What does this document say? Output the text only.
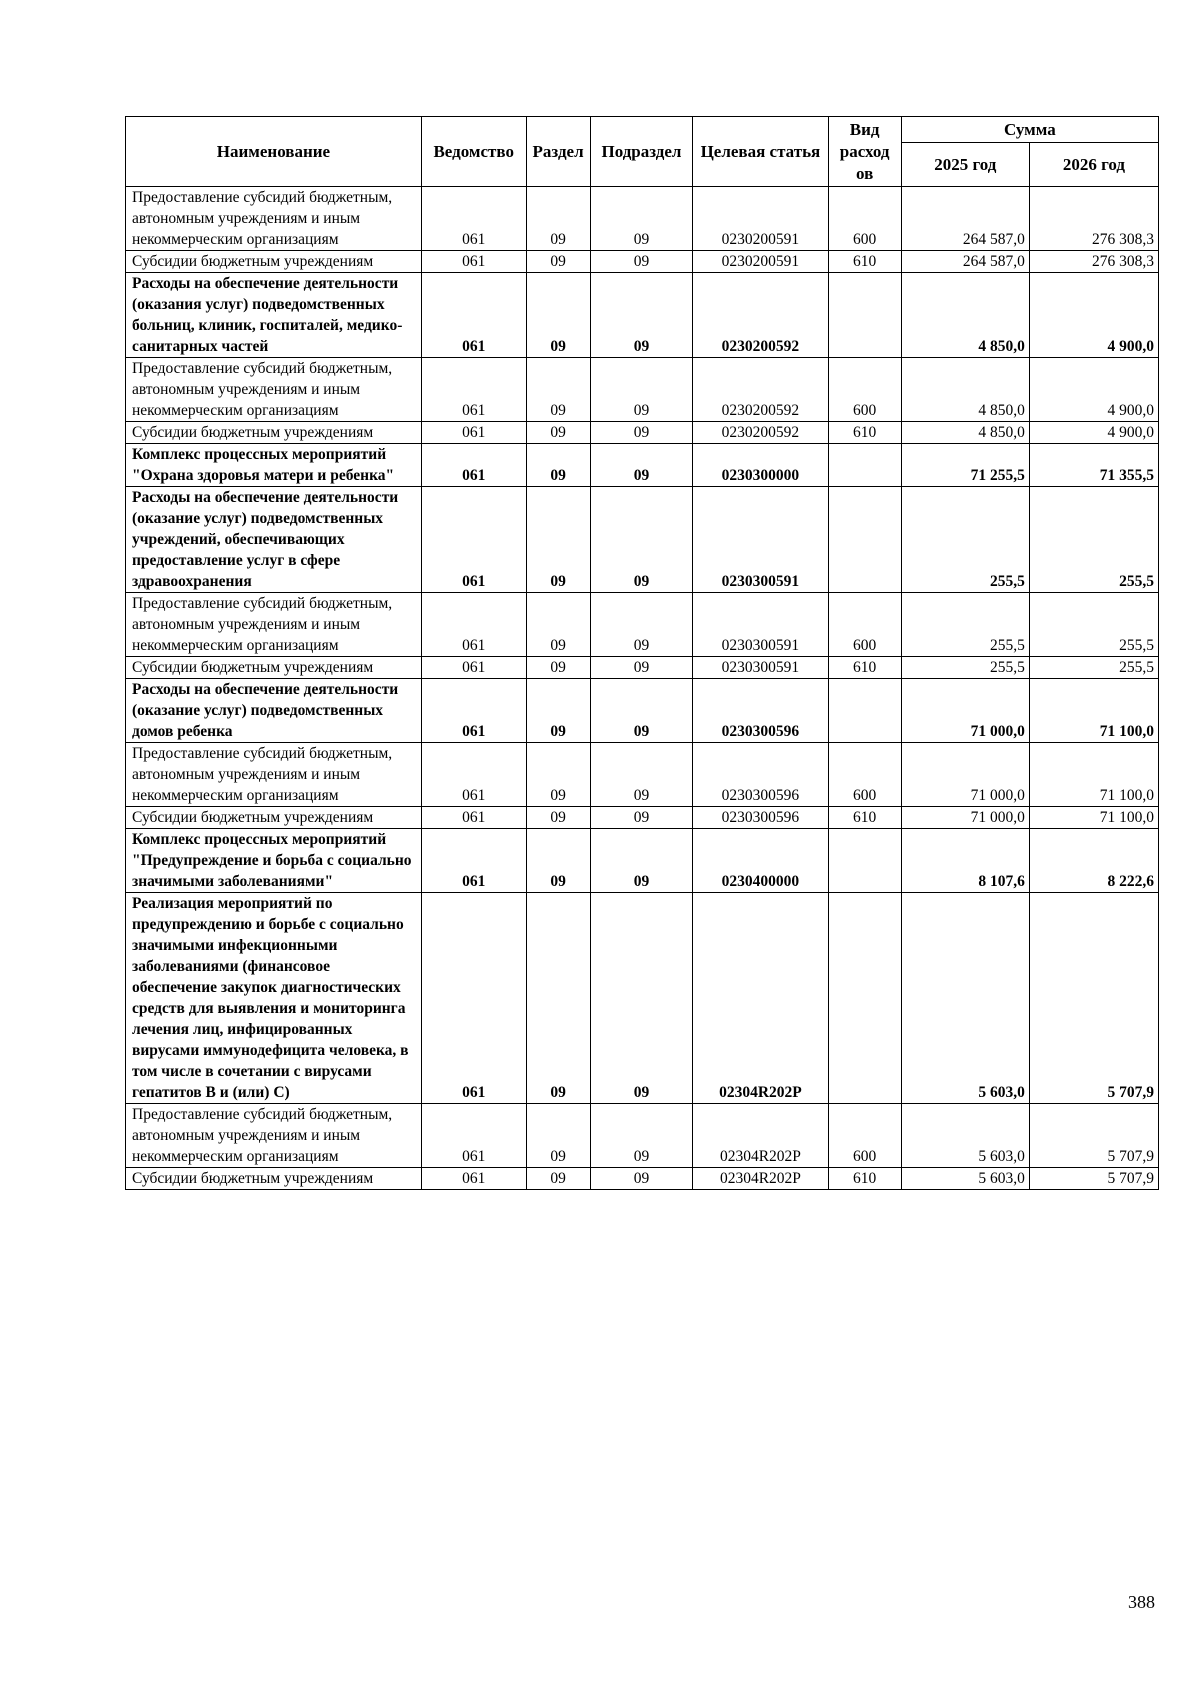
Наименование	Ведомство	Раздел	Подраздел	Целевая статья	Вид расход ов	Сумма	
						2025 год	2026 год
Предоставление субсидий бюджетным, автономным учреждениям и иным некоммерческим организациям	061	09	09	0230200591	600	264 587,0	276 308,3
Субсидии бюджетным учреждениям	061	09	09	0230200591	610	264 587,0	276 308,3
Расходы на обеспечение деятельности (оказания услуг) подведомственных больниц, клиник, госпиталей, медико-санитарных частей	061	09	09	0230200592		4 850,0	4 900,0
Предоставление субсидий бюджетным, автономным учреждениям и иным некоммерческим организациям	061	09	09	0230200592	600	4 850,0	4 900,0
Субсидии бюджетным учреждениям	061	09	09	0230200592	610	4 850,0	4 900,0
Комплекс процессных мероприятий "Охрана здоровья матери и ребенка"	061	09	09	0230300000		71 255,5	71 355,5
Расходы на обеспечение деятельности (оказание услуг) подведомственных учреждений, обеспечивающих предоставление услуг в сфере здравоохранения	061	09	09	0230300591		255,5	255,5
Предоставление субсидий бюджетным, автономным учреждениям и иным некоммерческим организациям	061	09	09	0230300591	600	255,5	255,5
Субсидии бюджетным учреждениям	061	09	09	0230300591	610	255,5	255,5
Расходы на обеспечение деятельности (оказание услуг) подведомственных домов ребенка	061	09	09	0230300596		71 000,0	71 100,0
Предоставление субсидий бюджетным, автономным учреждениям и иным некоммерческим организациям	061	09	09	0230300596	600	71 000,0	71 100,0
Субсидии бюджетным учреждениям	061	09	09	0230300596	610	71 000,0	71 100,0
Комплекс процессных мероприятий "Предупреждение и борьба с социально значимыми заболеваниями"	061	09	09	0230400000		8 107,6	8 222,6
Реализация мероприятий по предупреждению и борьбе с социально значимыми инфекционными заболеваниями (финансовое обеспечение закупок диагностических средств для выявления и мониторинга лечения лиц, инфицированных вирусами иммунодефицита человека, в том числе в сочетании с вирусами гепатитов В и (или) С)	061	09	09	02304R202P		5 603,0	5 707,9
Предоставление субсидий бюджетным, автономным учреждениям и иным некоммерческим организациям	061	09	09	02304R202P	600	5 603,0	5 707,9
Субсидии бюджетным учреждениям	061	09	09	02304R202P	610	5 603,0	5 707,9
388
